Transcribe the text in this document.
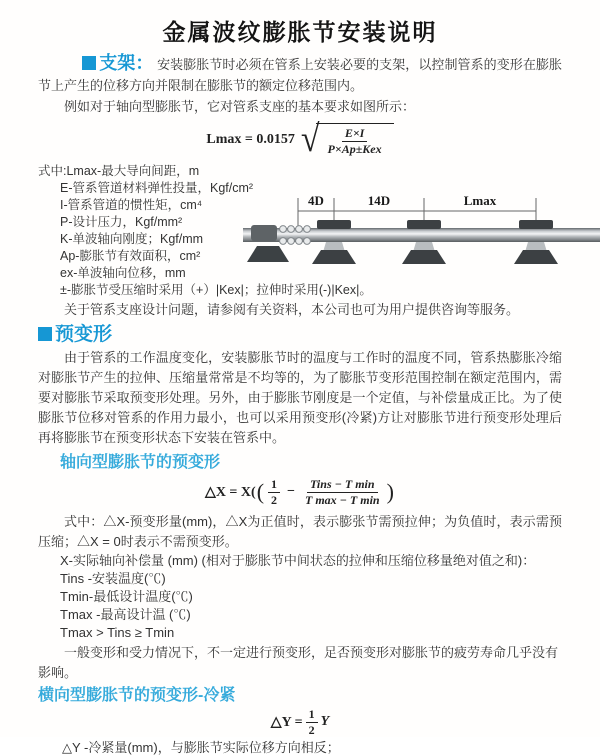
金属波纹膨胀节安装说明

支架： 安装膨胀节时必须在管系上安装必要的支架，以控制管系的变形在膨胀节上产生的位移方向并限制在膨胀节的额定位移范围内。

例如对于轴向型膨胀节，它对管系支座的基本要求如图所示：

Lmax = 0.0157 √ $\frac{E\times I}{\text{P×Ap±Kex}}$

式中:Lmax-最大导向间距，m

E-管系管道材料弹性投量，Kgf/cm²

I-管系管道的惯性矩，cm⁴

P-设计压力，Kgf/mm²

K-单波轴向刚度；Kgf/mm

Ap-膨胀节有效面积，cm²

ex-单波轴向位移，mm

±-膨胀节受压缩时采用（+）|Kex|；拉伸时采用(-)|Kex|。

关于管系支座设计问题，请参阅有关资料，本公司也可为用户提供咨询等服务。

4D	14D	Lmax

预变形

由于管系的工作温度变化，安装膨胀节时的温度与工作时的温度不同，管系热膨胀冷缩对膨胀节产生的拉伸、压缩量常常是不均等的，为了膨胀节变形范围控制在额定范围内，需要对膨胀节采取预变形处理。另外，由于膨胀节刚度是一个定值，与补偿量成正比。为了使膨胀节位移对管系的作用力最小，也可以采用预变形(冷紧)方让对膨胀节进行预变形处理后再将膨胀节在预变形状态下安装在管系中。

轴向型膨胀节的预变形

△X = X( ( $\frac{1}{2} - \frac{\text{Tins − T min}}{\text{T max − T min}}$ )

式中：△X-预变形量(mm)，△X为正值时，表示膨张节需预拉伸；为负值时，表示需预压缩；△X = 0时表示不需预变形。

X-实际轴向补偿量 (mm) (相对于膨胀节中间状态的拉伸和压缩位移量绝对值之和)：

Tins -安装温度(℃)

Tmin-最低设计温度(℃)

Tmax -最高设计温 (℃)

Tmax > Tins ≥ Tmin

一般变形和受力情况下，不一定进行预变形，足否预变形对膨胀节的疲劳寿命几乎没有影响。

横向型膨胀节的预变形-冷紧

△Y = $\frac{1}{2}$ Y

△Y -冷紧量(mm)，与膨胀节实际位移方向相反；
